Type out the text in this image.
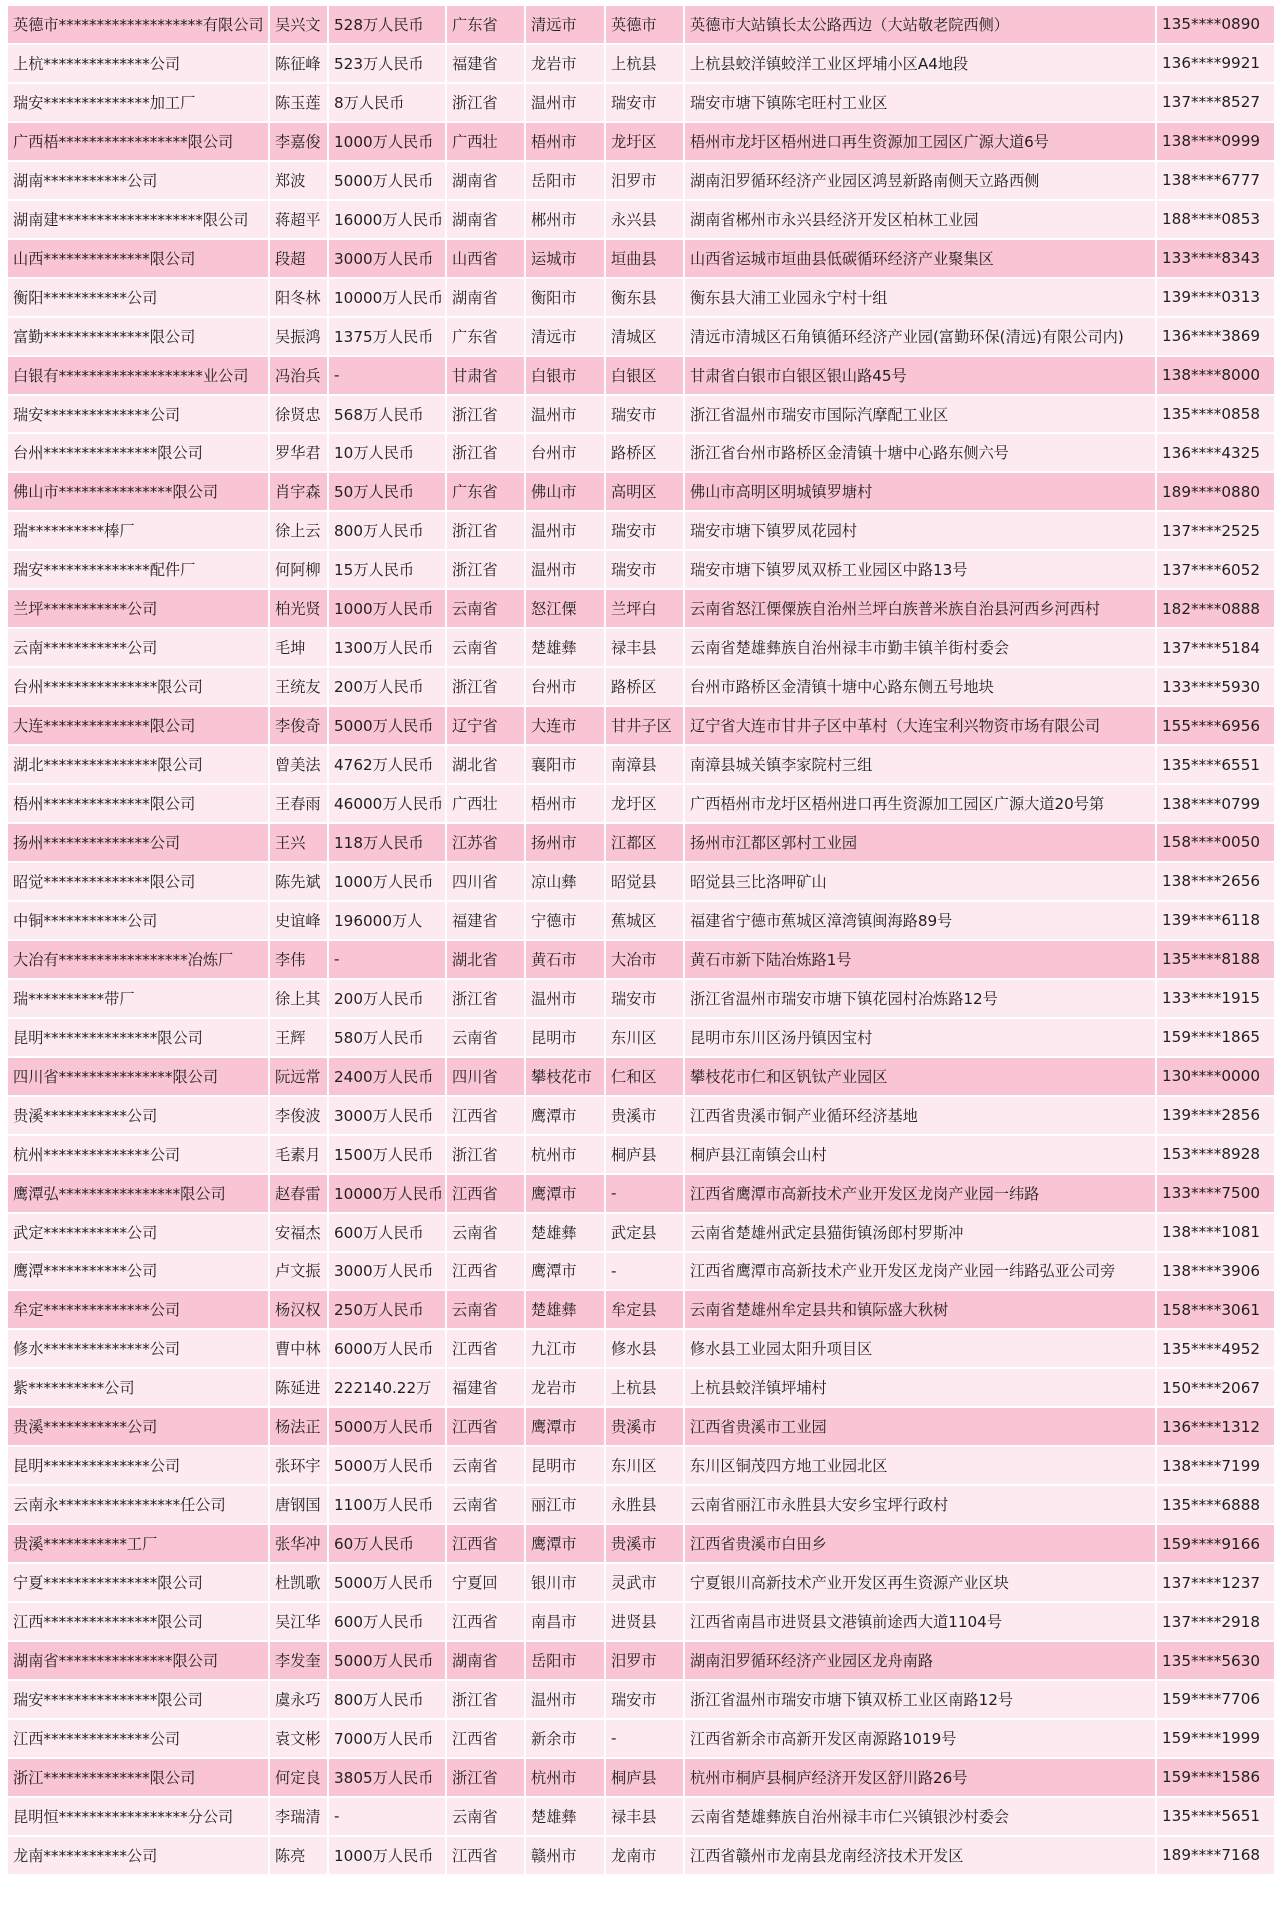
英德市*******************有限公司	吴兴文	528万人民币	广东省	清远市	英德市	英德市大站镇长太公路西边（大站敬老院西侧）	135****0890
上杭**************公司	陈征峰	523万人民币	福建省	龙岩市	上杭县	上杭县蛟洋镇蛟洋工业区坪埔小区A4地段	136****9921
瑞安**************加工厂	陈玉莲	8万人民币	浙江省	温州市	瑞安市	瑞安市塘下镇陈宅旺村工业区	137****8527
广西梧*****************限公司	李嘉俊	1000万人民币	广西壮	梧州市	龙圩区	梧州市龙圩区梧州进口再生资源加工园区广源大道6号	138****0999
湖南***********公司	郑波	5000万人民币	湖南省	岳阳市	汨罗市	湖南汨罗循环经济产业园区鸿昱新路南侧天立路西侧	138****6777
湖南建*******************限公司	蒋超平	16000万人民币	湖南省	郴州市	永兴县	湖南省郴州市永兴县经济开发区柏林工业园	188****0853
山西**************限公司	段超	3000万人民币	山西省	运城市	垣曲县	山西省运城市垣曲县低碳循环经济产业聚集区	133****8343
衡阳***********公司	阳冬林	10000万人民币	湖南省	衡阳市	衡东县	衡东县大浦工业园永宁村十组	139****0313
富勤**************限公司	吴振鸿	1375万人民币	广东省	清远市	清城区	清远市清城区石角镇循环经济产业园(富勤环保(清远)有限公司内)	136****3869
白银有*******************业公司	冯治兵	-	甘肃省	白银市	白银区	甘肃省白银市白银区银山路45号	138****8000
瑞安**************公司	徐贤忠	568万人民币	浙江省	温州市	瑞安市	浙江省温州市瑞安市国际汽摩配工业区	135****0858
台州***************限公司	罗华君	10万人民币	浙江省	台州市	路桥区	浙江省台州市路桥区金清镇十塘中心路东侧六号	136****4325
佛山市***************限公司	肖宇森	50万人民币	广东省	佛山市	高明区	佛山市高明区明城镇罗塘村	189****0880
瑞**********棒厂	徐上云	800万人民币	浙江省	温州市	瑞安市	瑞安市塘下镇罗凤花园村	137****2525
瑞安**************配件厂	何阿柳	15万人民币	浙江省	温州市	瑞安市	瑞安市塘下镇罗凤双桥工业园区中路13号	137****6052
兰坪***********公司	柏光贤	1000万人民币	云南省	怒江傈	兰坪白	云南省怒江傈僳族自治州兰坪白族普米族自治县河西乡河西村	182****0888
云南***********公司	毛坤	1300万人民币	云南省	楚雄彝	禄丰县	云南省楚雄彝族自治州禄丰市勤丰镇羊街村委会	137****5184
台州***************限公司	王统友	200万人民币	浙江省	台州市	路桥区	台州市路桥区金清镇十塘中心路东侧五号地块	133****5930
大连**************限公司	李俊奇	5000万人民币	辽宁省	大连市	甘井子区	辽宁省大连市甘井子区中革村（大连宝利兴物资市场有限公司	155****6956
湖北***************限公司	曾美法	4762万人民币	湖北省	襄阳市	南漳县	南漳县城关镇李家院村三组	135****6551
梧州**************限公司	王春雨	46000万人民币	广西壮	梧州市	龙圩区	广西梧州市龙圩区梧州进口再生资源加工园区广源大道20号第	138****0799
扬州**************公司	王兴	118万人民币	江苏省	扬州市	江都区	扬州市江都区郭村工业园	158****0050
昭觉**************限公司	陈先斌	1000万人民币	四川省	凉山彝	昭觉县	昭觉县三比洛呷矿山	138****2656
中铜***********公司	史谊峰	196000万人	福建省	宁德市	蕉城区	福建省宁德市蕉城区漳湾镇闽海路89号	139****6118
大冶有*****************冶炼厂	李伟	-	湖北省	黄石市	大冶市	黄石市新下陆冶炼路1号	135****8188
瑞**********带厂	徐上其	200万人民币	浙江省	温州市	瑞安市	浙江省温州市瑞安市塘下镇花园村冶炼路12号	133****1915
昆明***************限公司	王辉	580万人民币	云南省	昆明市	东川区	昆明市东川区汤丹镇因宝村	159****1865
四川省***************限公司	阮远常	2400万人民币	四川省	攀枝花市	仁和区	攀枝花市仁和区钒钛产业园区	130****0000
贵溪***********公司	李俊波	3000万人民币	江西省	鹰潭市	贵溪市	江西省贵溪市铜产业循环经济基地	139****2856
杭州**************公司	毛素月	1500万人民币	浙江省	杭州市	桐庐县	桐庐县江南镇会山村	153****8928
鹰潭弘****************限公司	赵春雷	10000万人民币	江西省	鹰潭市	-	江西省鹰潭市高新技术产业开发区龙岗产业园一纬路	133****7500
武定***********公司	安福杰	600万人民币	云南省	楚雄彝	武定县	云南省楚雄州武定县猫街镇汤郎村罗斯冲	138****1081
鹰潭***********公司	卢文振	3000万人民币	江西省	鹰潭市	-	江西省鹰潭市高新技术产业开发区龙岗产业园一纬路弘亚公司旁	138****3906
牟定**************公司	杨汉权	250万人民币	云南省	楚雄彝	牟定县	云南省楚雄州牟定县共和镇际盛大秋树	158****3061
修水**************公司	曹中林	6000万人民币	江西省	九江市	修水县	修水县工业园太阳升项目区	135****4952
紫**********公司	陈延进	222140.22万	福建省	龙岩市	上杭县	上杭县蛟洋镇坪埔村	150****2067
贵溪***********公司	杨法正	5000万人民币	江西省	鹰潭市	贵溪市	江西省贵溪市工业园	136****1312
昆明**************公司	张环宇	5000万人民币	云南省	昆明市	东川区	东川区铜茂四方地工业园北区	138****7199
云南永****************任公司	唐钢国	1100万人民币	云南省	丽江市	永胜县	云南省丽江市永胜县大安乡宝坪行政村	135****6888
贵溪***********工厂	张华冲	60万人民币	江西省	鹰潭市	贵溪市	江西省贵溪市白田乡	159****9166
宁夏***************限公司	杜凯歌	5000万人民币	宁夏回	银川市	灵武市	宁夏银川高新技术产业开发区再生资源产业区块	137****1237
江西***************限公司	吴江华	600万人民币	江西省	南昌市	进贤县	江西省南昌市进贤县文港镇前途西大道1104号	137****2918
湖南省***************限公司	李发奎	5000万人民币	湖南省	岳阳市	汨罗市	湖南汨罗循环经济产业园区龙舟南路	135****5630
瑞安***************限公司	虞永巧	800万人民币	浙江省	温州市	瑞安市	浙江省温州市瑞安市塘下镇双桥工业区南路12号	159****7706
江西**************公司	袁文彬	7000万人民币	江西省	新余市	-	江西省新余市高新开发区南源路1019号	159****1999
浙江**************限公司	何定良	3805万人民币	浙江省	杭州市	桐庐县	杭州市桐庐县桐庐经济开发区舒川路26号	159****1586
昆明恒*****************分公司	李瑞清	-	云南省	楚雄彝	禄丰县	云南省楚雄彝族自治州禄丰市仁兴镇银沙村委会	135****5651
龙南***********公司	陈亮	1000万人民币	江西省	赣州市	龙南市	江西省赣州市龙南县龙南经济技术开发区	189****7168
